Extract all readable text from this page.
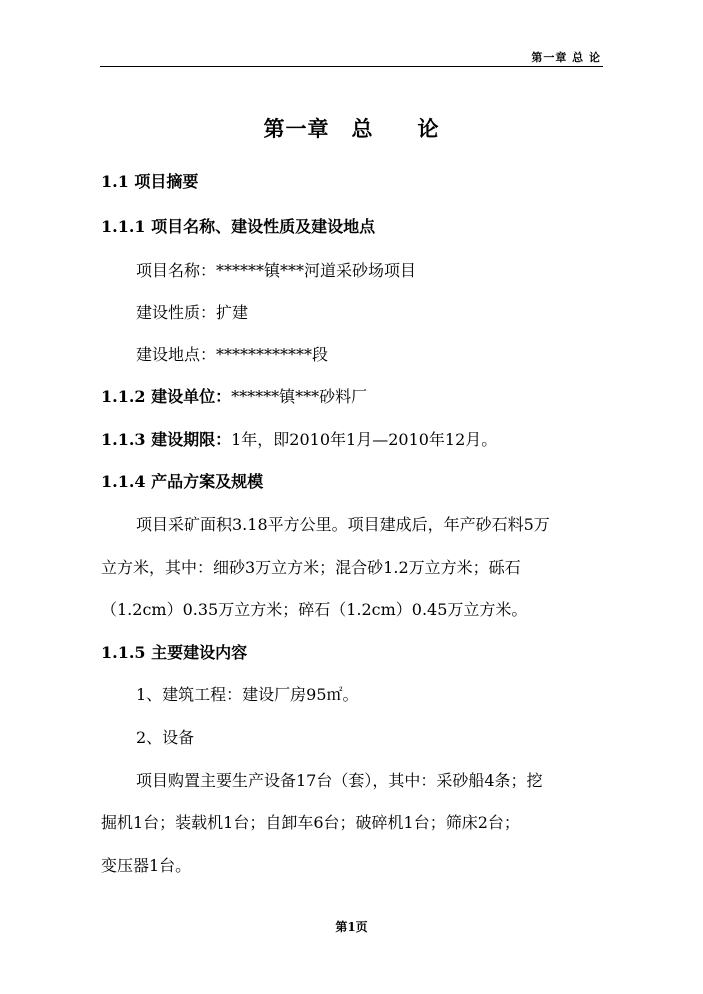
第一章 总 论
第一章　总　　论
1.1 项目摘要
1.1.1 项目名称、建设性质及建设地点
项目名称：******镇***河道采砂场项目
建设性质：扩建
建设地点：************段
1.1.2 建设单位：******镇***砂料厂
1.1.3 建设期限：1年，即2010年1月—2010年12月。
1.1.4 产品方案及规模
项目采矿面积3.18平方公里。项目建成后，年产砂石料5万
立方米，其中：细砂3万立方米；混合砂1.2万立方米；砾石
（1.2cm）0.35万立方米；碎石（1.2cm）0.45万立方米。
1.1.5 主要建设内容
1、建筑工程：建设厂房95㎡。
2、设备
项目购置主要生产设备17台（套），其中：采砂船4条；挖
掘机1台；装载机1台；自卸车6台；破碎机1台；筛床2台；
变压器1台。
第1页
